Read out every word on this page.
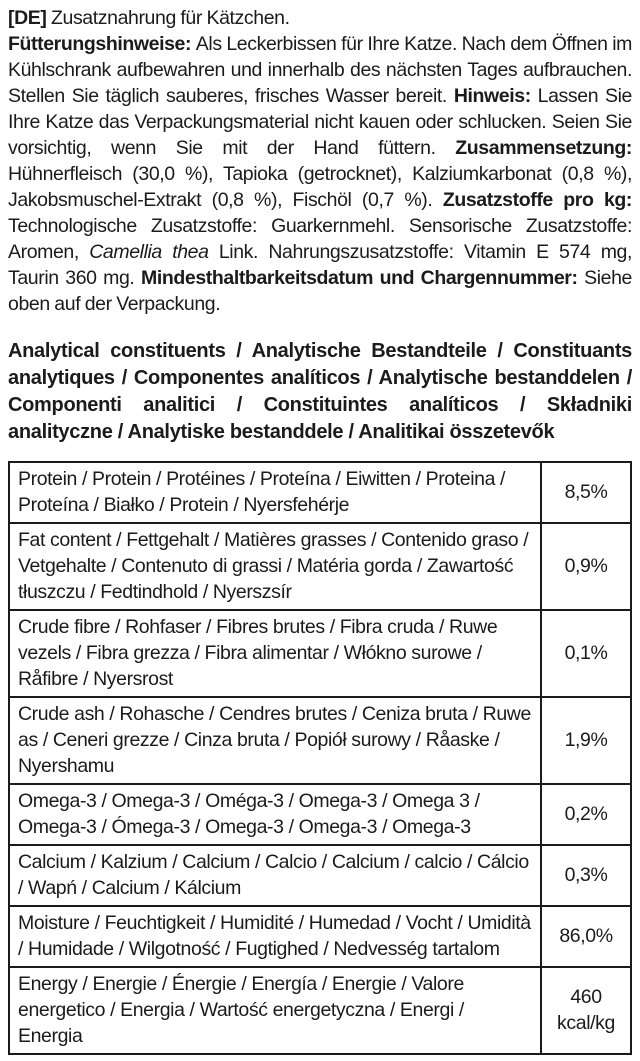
[DE] Zusatznahrung für Kätzchen.

Fütterungshinweise: Als Leckerbissen für Ihre Katze. Nach dem Öffnen im Kühlschrank aufbewahren und innerhalb des nächsten Tages aufbrauchen. Stellen Sie täglich sauberes, frisches Wasser bereit. Hinweis: Lassen Sie Ihre Katze das Verpackungsmaterial nicht kauen oder schlucken. Seien Sie vorsichtig, wenn Sie mit der Hand füttern. Zusammensetzung: Hühnerfleisch (30,0 %), Tapioka (getrocknet), Kalziumkarbonat (0,8 %), Jakobsmuschel-Extrakt (0,8 %), Fischöl (0,7 %). Zusatzstoffe pro kg: Technologische Zusatzstoffe: Guarkernmehl. Sensorische Zusatzstoffe: Aromen, Camellia thea Link. Nahrungszusatzstoffe: Vitamin E 574 mg, Taurin 360 mg. Mindesthaltbarkeitsdatum und Chargennummer: Siehe oben auf der Verpackung.

Analytical constituents / Analytische Bestandteile / Constituants analytiques / Componentes analíticos / Analytische bestanddelen / Componenti analitici / Constituintes analíticos / Składniki analityczne / Analytiske bestanddele / Analitikai összetevők
Protein / Protein / Protéines / Proteína / Eiwitten / Proteina / Proteína / Białko / Protein / Nyersfehérje	8,5%
Fat content / Fettgehalt / Matières grasses / Contenido graso / Vetgehalte / Contenuto di grassi / Matéria gorda / Zawartość tłuszczu / Fedtindhold / Nyerszsír	0,9%
Crude fibre / Rohfaser / Fibres brutes / Fibra cruda / Ruwe vezels / Fibra grezza / Fibra alimentar / Włókno surowe / Råfibre / Nyersrost	0,1%
Crude ash / Rohasche / Cendres brutes / Ceniza bruta / Ruwe as / Ceneri grezze / Cinza bruta / Popiół surowy / Råaske / Nyershamu	1,9%
Omega-3 / Omega-3 / Oméga-3 / Omega-3 / Omega 3 / Omega-3 / Ómega-3 / Omega-3 / Omega-3 / Omega-3	0,2%
Calcium / Kalzium / Calcium / Calcio / Calcium / calcio / Cálcio / Wapń / Calcium / Kálcium	0,3%
Moisture / Feuchtigkeit / Humidité / Humedad / Vocht / Umidità / Humidade / Wilgotność / Fugtighed / Nedvesség tartalom	86,0%
Energy / Energie / Énergie / Energía / Energie / Valore energetico / Energia / Wartość energetyczna / Energi / Energia	460 kcal/kg
